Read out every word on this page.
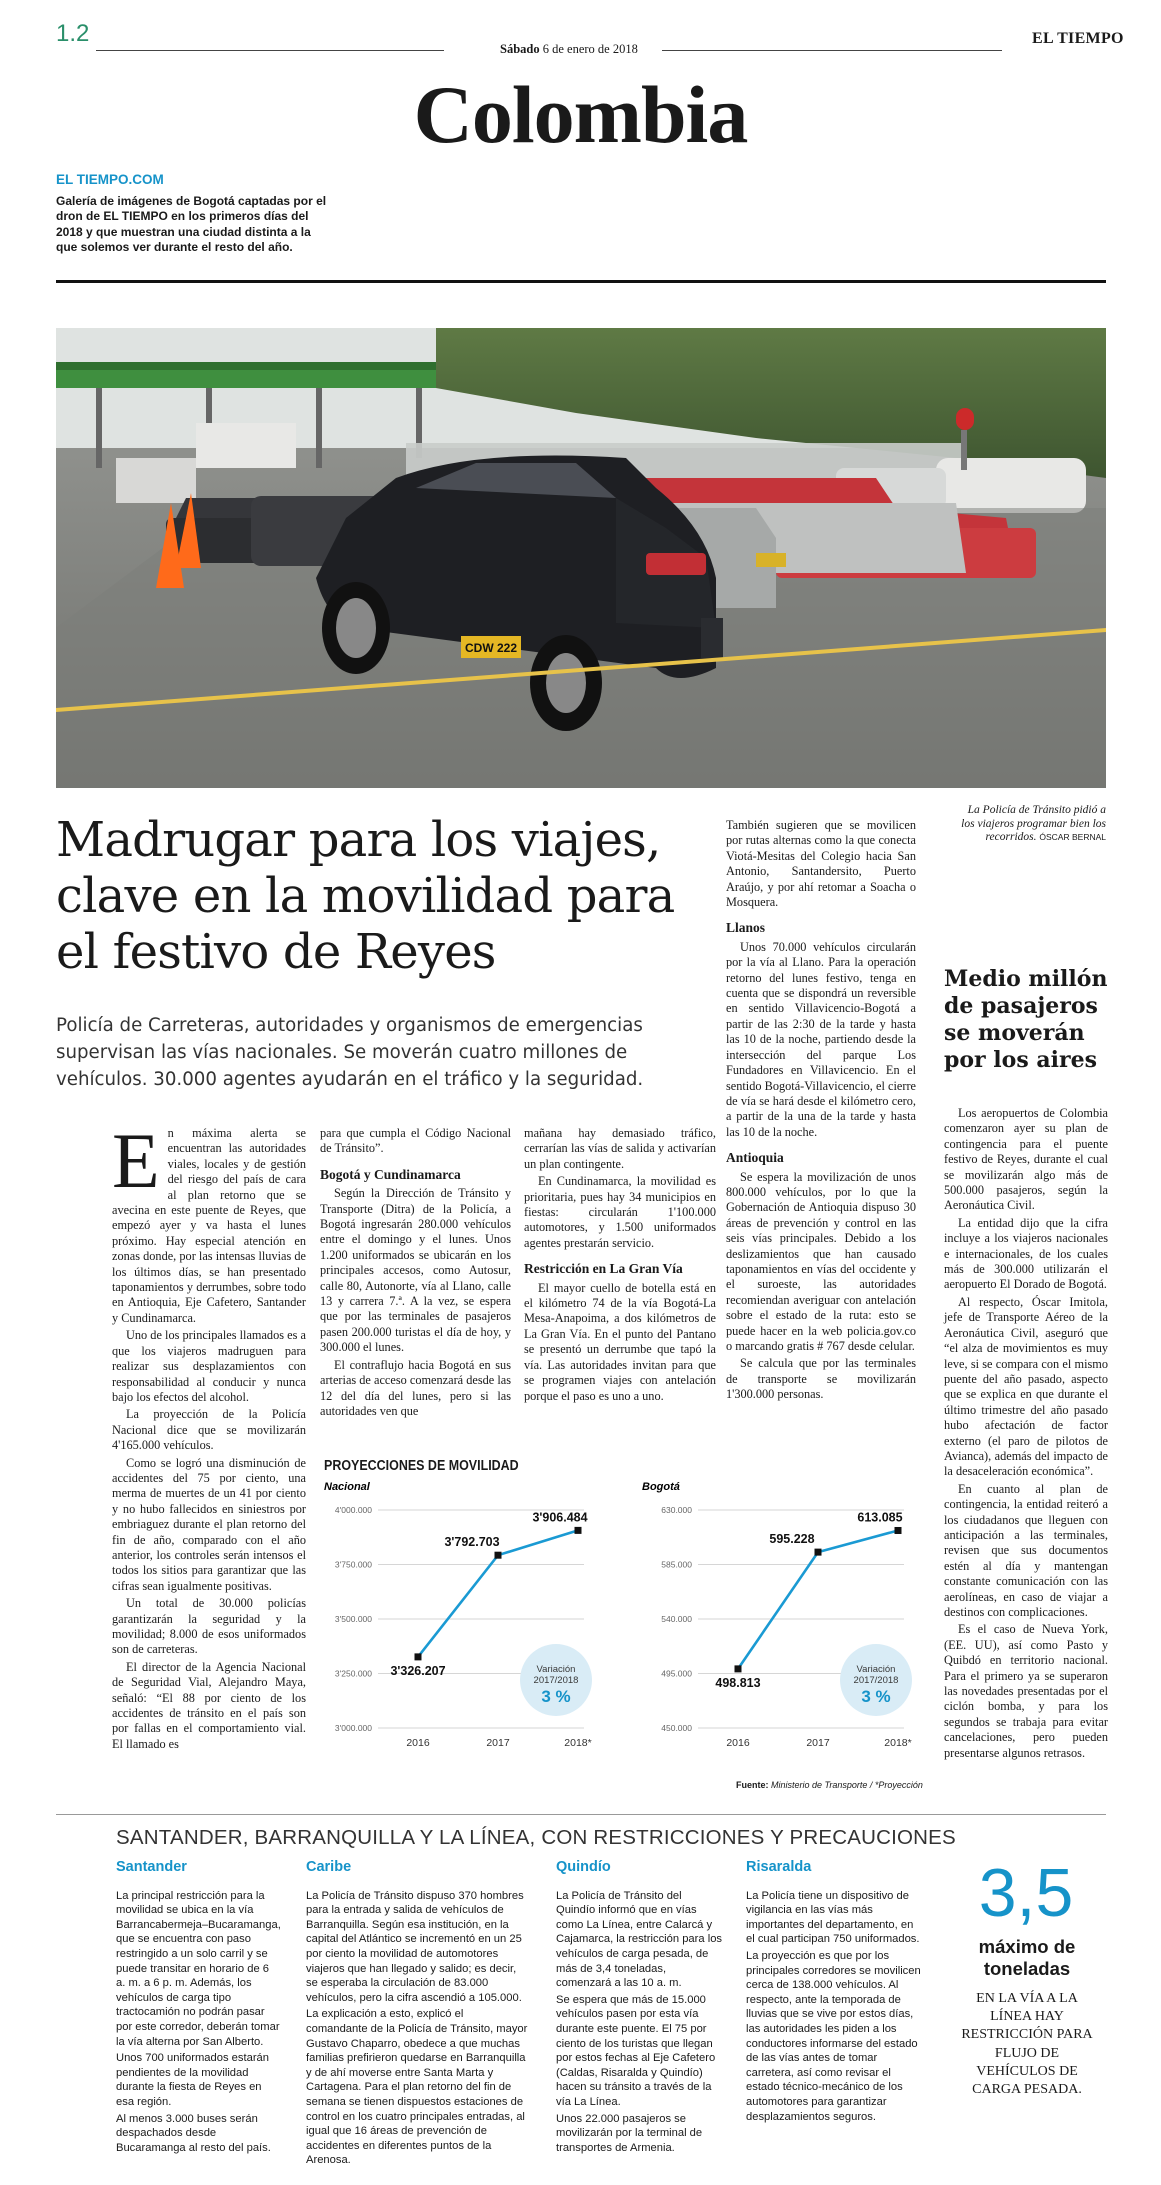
1.2
Sábado 6 de enero de 2018
EL TIEMPO
Colombia
EL TIEMPO.COM
Galería de imágenes de Bogotá captadas por el dron de EL TIEMPO en los primeros días del 2018 y que muestran una ciudad distinta a la que solemos ver durante el resto del año.
CDW 222
La Policía de Tránsito pidió a los viajeros programar bien los recorridos. ÓSCAR BERNAL
Madrugar para los viajes, clave en la movilidad para el festivo de Reyes
Policía de Carreteras, autoridades y organismos de emergencias supervisan las vías nacionales. Se moverán cuatro millones de vehículos. 30.000 agentes ayudarán en el tráfico y la seguridad.
E n máxima alerta se encuentran las autoridades viales, locales y de gestión del riesgo del país de cara al plan retorno que se avecina en este puente de Reyes, que empezó ayer y va hasta el lunes próximo. Hay especial atención en zonas donde, por las intensas lluvias de los últimos días, se han presentado taponamientos y derrumbes, sobre todo en Antioquia, Eje Cafetero, Santander y Cundinamarca.

Uno de los principales llamados es a que los viajeros madruguen para realizar sus desplazamientos con responsabilidad al conducir y nunca bajo los efectos del alcohol.

La proyección de la Policía Nacional dice que se movilizarán 4'165.000 vehículos.

Como se logró una disminución de accidentes del 75 por ciento, una merma de muertes de un 41 por ciento y no hubo fallecidos en siniestros por embriaguez durante el plan retorno del fin de año, comparado con el año anterior, los controles serán intensos el todos los sitios para garantizar que las cifras sean igualmente positivas.

Un total de 30.000 policías garantizarán la seguridad y la movilidad; 8.000 de esos uniformados son de carreteras.

El director de la Agencia Nacional de Seguridad Vial, Alejandro Maya, señaló: “El 88 por ciento de los accidentes de tránsito en el país son por fallas en el comportamiento vial. El llamado es

para que cumpla el Código Nacional de Tránsito”.

Bogotá y Cundinamarca

Según la Dirección de Tránsito y Transporte (Ditra) de la Policía, a Bogotá ingresarán 280.000 vehículos entre el domingo y el lunes. Unos 1.200 uniformados se ubicarán en los principales accesos, como Autosur, calle 80, Autonorte, vía al Llano, calle 13 y carrera 7.ª. A la vez, se espera que por las terminales de pasajeros pasen 200.000 turistas el día de hoy, y 300.000 el lunes.

El contraflujo hacia Bogotá en sus arterias de acceso comenzará desde las 12 del día del lunes, pero si las autoridades ven que

mañana hay demasiado tráfico, cerrarían las vías de salida y activarían un plan contingente.

En Cundinamarca, la movilidad es prioritaria, pues hay 34 municipios en fiestas: circularán 1'100.000 automotores, y 1.500 uniformados agentes prestarán servicio.

Restricción en La Gran Vía

El mayor cuello de botella está en el kilómetro 74 de la vía Bogotá-La Mesa-Anapoima, a dos kilómetros de La Gran Vía. En el punto del Pantano se presentó un derrumbe que tapó la vía. Las autoridades invitan para que se programen viajes con antelación porque el paso es uno a uno.

También sugieren que se movilicen por rutas alternas como la que conecta Viotá-Mesitas del Colegio hacia San Antonio, Santandersito, Puerto Araújo, y por ahí retomar a Soacha o Mosquera.

Llanos

Unos 70.000 vehículos circularán por la vía al Llano. Para la operación retorno del lunes festivo, tenga en cuenta que se dispondrá un reversible en sentido Villavicencio-Bogotá a partir de las 2:30 de la tarde y hasta las 10 de la noche, partiendo desde la intersección del parque Los Fundadores en Villavicencio. En el sentido Bogotá-Villavicencio, el cierre de vía se hará desde el kilómetro cero, a partir de la una de la tarde y hasta las 10 de la noche.

Antioquia

Se espera la movilización de unos 800.000 vehículos, por lo que la Gobernación de Antioquia dispuso 30 áreas de prevención y control en las seis vías principales. Debido a los deslizamientos que han causado taponamientos en vías del occidente y el suroeste, las autoridades recomiendan averiguar con antelación sobre el estado de la ruta: esto se puede hacer en la web policia.gov.co o marcando gratis # 767 desde celular.

Se calcula que por las terminales de transporte se movilizarán 1'300.000 personas.

Medio millón de pasajeros se moverán por los aires

Los aeropuertos de Colombia comenzaron ayer su plan de contingencia para el puente festivo de Reyes, durante el cual se movilizarán algo más de 500.000 pasajeros, según la Aeronáutica Civil.

La entidad dijo que la cifra incluye a los viajeros nacionales e internacionales, de los cuales más de 300.000 utilizarán el aeropuerto El Dorado de Bogotá.

Al respecto, Óscar Imitola, jefe de Transporte Aéreo de la Aeronáutica Civil, aseguró que “el alza de movimientos es muy leve, si se compara con el mismo puente del año pasado, aspecto que se explica en que durante el último trimestre del año pasado hubo afectación de factor externo (el paro de pilotos de Avianca), además del impacto de la desaceleración económica”.

En cuanto al plan de contingencia, la entidad reiteró a los ciudadanos que lleguen con anticipación a las terminales, revisen que sus documentos estén al día y mantengan constante comunicación con las aerolíneas, en caso de viajar a destinos con complicaciones.

Es el caso de Nueva York, (EE. UU), así como Pasto y Quibdó en territorio nacional. Para el primero ya se superaron las novedades presentadas por el ciclón bomba, y para los segundos se trabaja para evitar cancelaciones, pero pueden presentarse algunos retrasos.

PROYECCIONES DE MOVILIDAD
Nacional
4'000.000
3'750.000
3'500.000
3'250.000
3'000.000
Variación
2017/2018
3 %
3'326.207
2016
3'792.703
2017
3'906.484
2018*
Bogotá
630.000
585.000
540.000
495.000
450.000
Variación
2017/2018
3 %
498.813
2016
595.228
2017
613.085
2018*
Fuente: Ministerio de Transporte / *Proyección
SANTANDER, BARRANQUILLA Y LA LÍNEA, CON RESTRICCIONES Y PRECAUCIONES
Santander

La principal restricción para la movilidad se ubica en la vía Barrancabermeja–Bucaramanga, que se encuentra con paso restringido a un solo carril y se puede transitar en horario de 6 a. m. a 6 p. m. Además, los vehículos de carga tipo tractocamión no podrán pasar por este corredor, deberán tomar la vía alterna por San Alberto.

Unos 700 uniformados estarán pendientes de la movilidad durante la fiesta de Reyes en esa región.

Al menos 3.000 buses serán despachados desde Bucaramanga al resto del país.

Caribe

La Policía de Tránsito dispuso 370 hombres para la entrada y salida de vehículos de Barranquilla. Según esa institución, en la capital del Atlántico se incrementó en un 25 por ciento la movilidad de automotores viajeros que han llegado y salido; es decir, se esperaba la circulación de 83.000 vehículos, pero la cifra ascendió a 105.000.

La explicación a esto, explicó el comandante de la Policía de Tránsito, mayor Gustavo Chaparro, obedece a que muchas familias prefirieron quedarse en Barranquilla y de ahí moverse entre Santa Marta y Cartagena. Para el plan retorno del fin de semana se tienen dispuestos estaciones de control en los cuatro principales entradas, al igual que 16 áreas de prevención de accidentes en diferentes puntos de la Arenosa.

Quindío

La Policía de Tránsito del Quindío informó que en vías como La Línea, entre Calarcá y Cajamarca, la restricción para los vehículos de carga pesada, de más de 3,4 toneladas, comenzará a las 10 a. m.

Se espera que más de 15.000 vehículos pasen por esta vía durante este puente. El 75 por ciento de los turistas que llegan por estos fechas al Eje Cafetero (Caldas, Risaralda y Quindío) hacen su tránsito a través de la vía La Línea.

Unos 22.000 pasajeros se movilizarán por la terminal de transportes de Armenia.

Risaralda

La Policía tiene un dispositivo de vigilancia en las vías más importantes del departamento, en el cual participan 750 uniformados.

La proyección es que por los principales corredores se movilicen cerca de 138.000 vehículos. Al respecto, ante la temporada de lluvias que se vive por estos días, las autoridades les piden a los conductores informarse del estado de las vías antes de tomar carretera, así como revisar el estado técnico-mecánico de los automotores para garantizar desplazamientos seguros.

3,5
máximo de toneladas
EN LA VÍA A LA LÍNEA HAY RESTRICCIÓN PARA FLUJO DE VEHÍCULOS DE CARGA PESADA.
